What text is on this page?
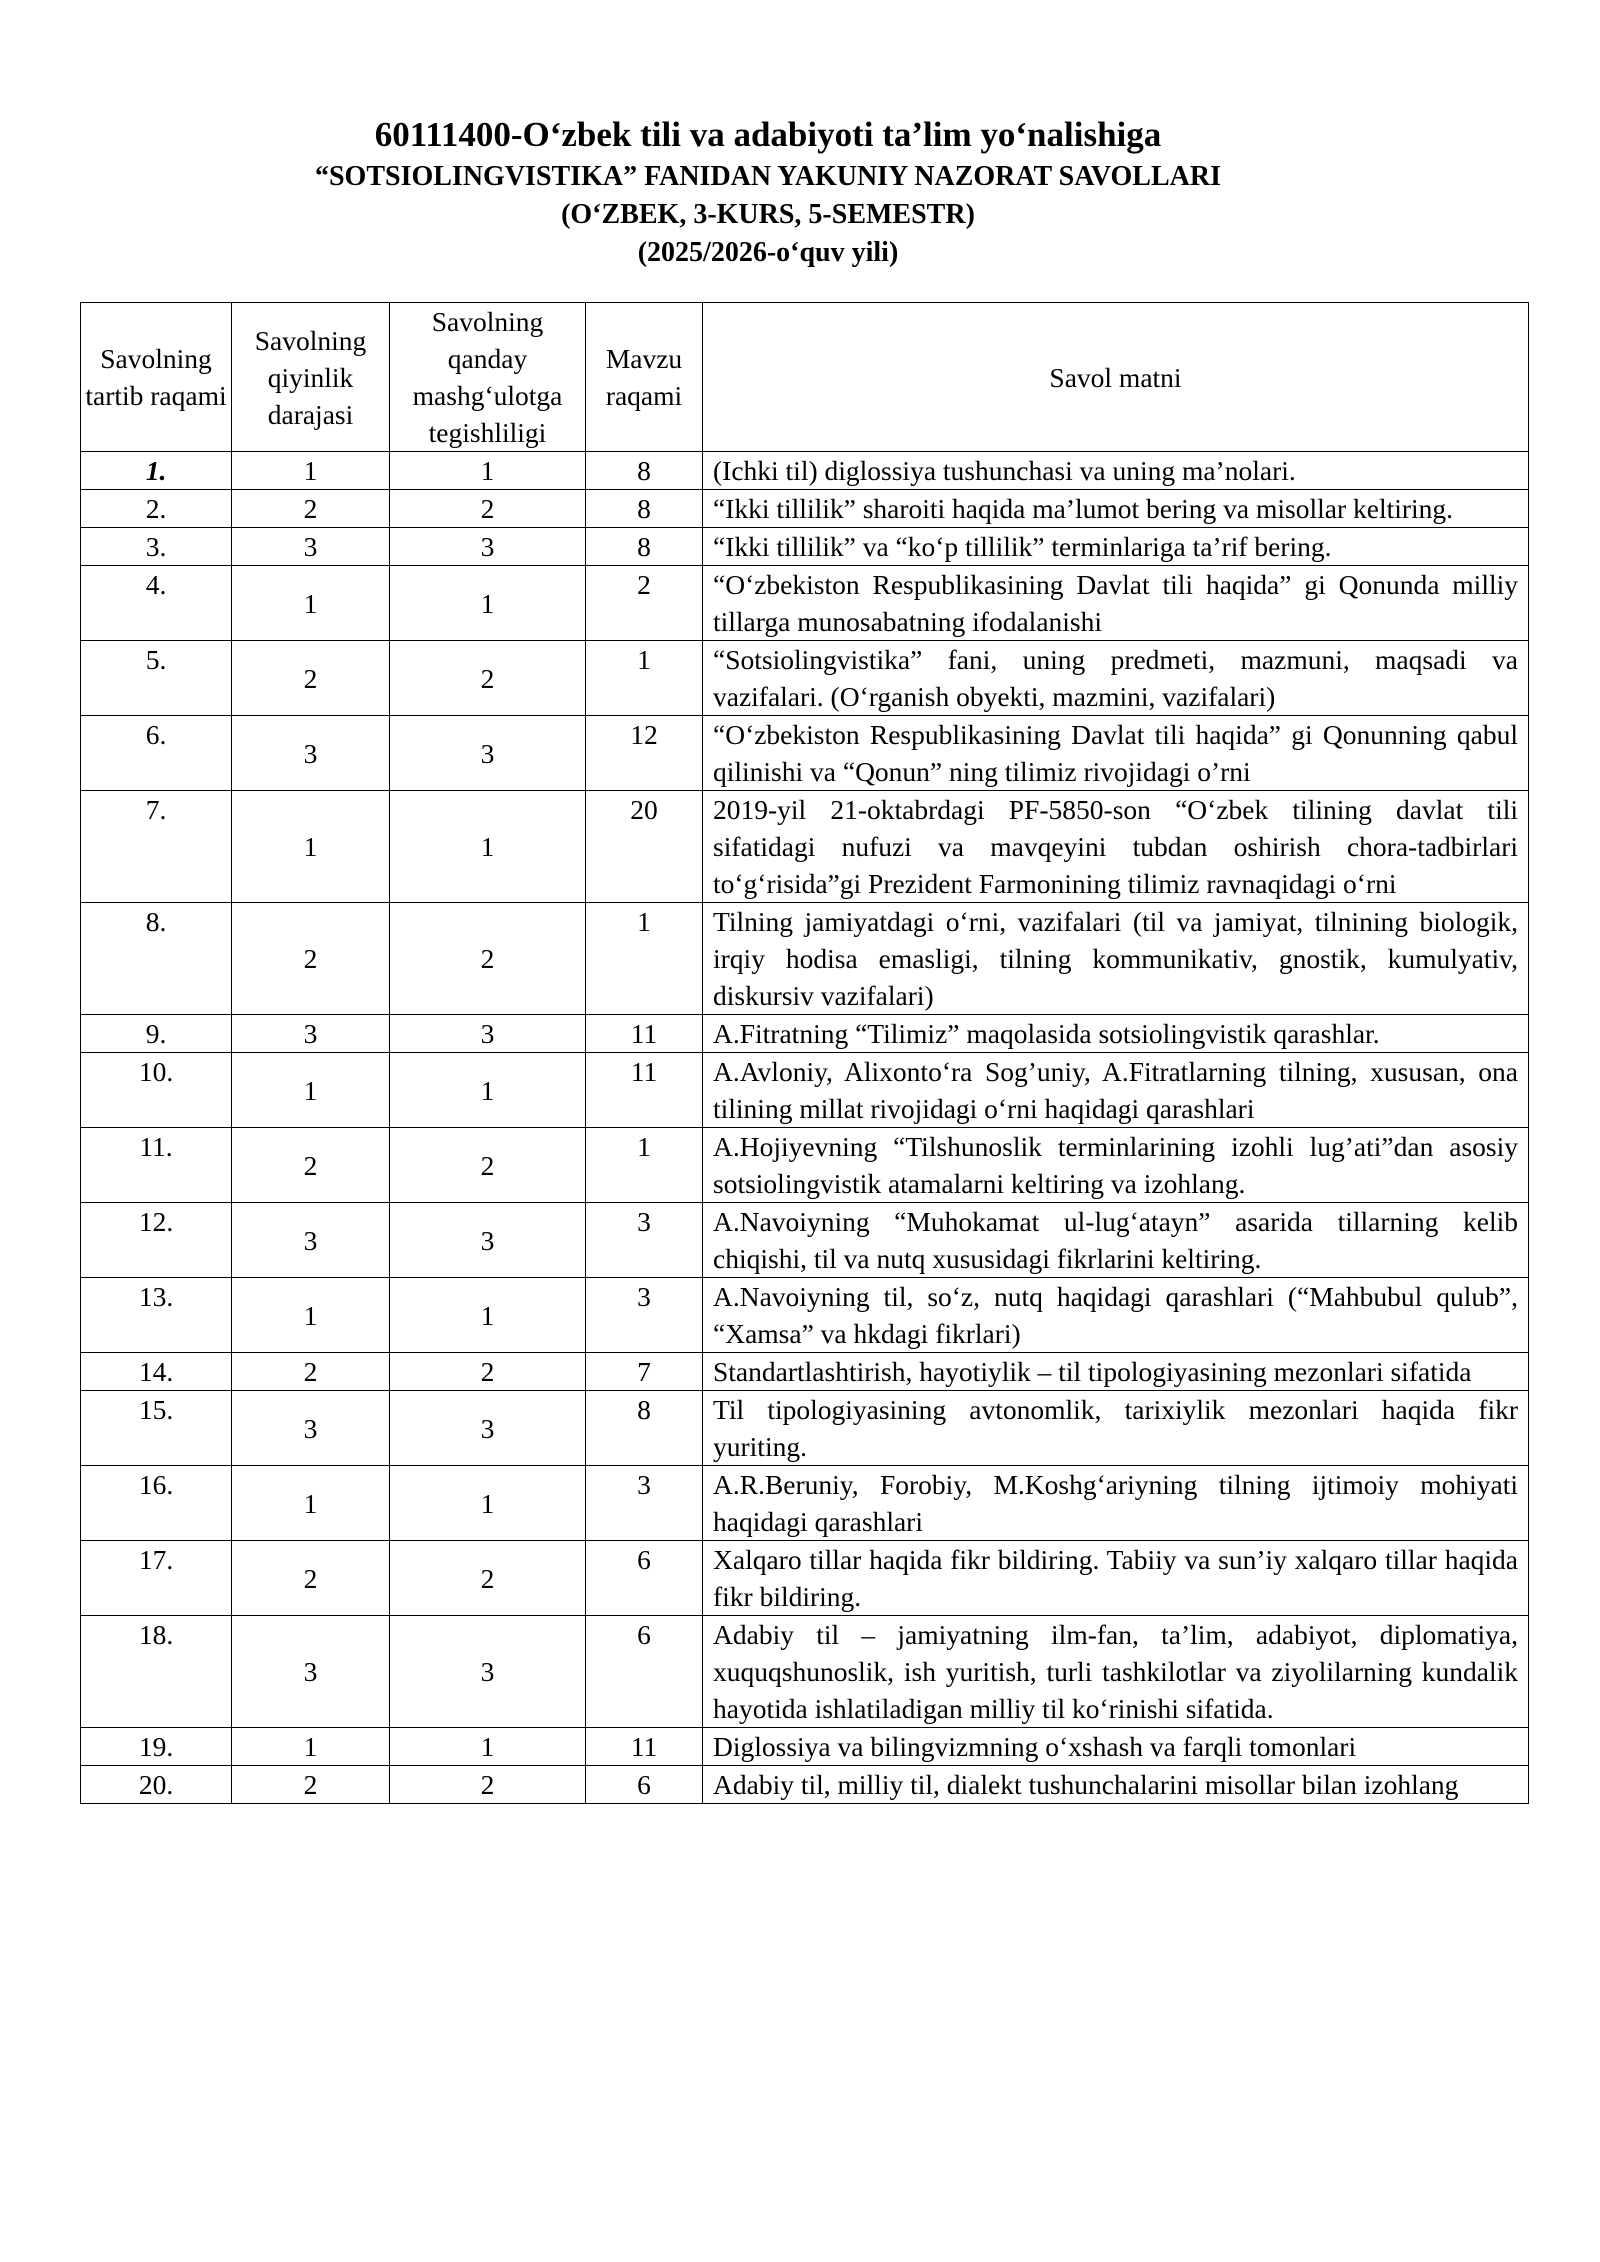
60111400-O‘zbek tili va adabiyoti ta’lim yo‘nalishiga
“SOTSIOLINGVISTIKA” FANIDAN YAKUNIY NAZORAT SAVOLLARI
(O‘ZBEK, 3-KURS, 5-SEMESTR)
(2025/2026-o‘quv yili)
Savolning tartib raqami	Savolning qiyinlik darajasi	Savolning qanday mashg‘ulotga tegishliligi	Mavzu raqami	Savol matni
1.	1	1	8	(Ichki til) diglossiya tushunchasi va uning ma’nolari.
2.	2	2	8	“Ikki tillilik” sharoiti haqida ma’lumot bering va misollar keltiring.
3.	3	3	8	“Ikki tillilik” va “ko‘p tillilik” terminlariga ta’rif bering.
4.	1	1	2	“O‘zbekiston Respublikasining Davlat tili haqida” gi Qonunda milliy tillarga munosabatning ifodalanishi
5.	2	2	1	“Sotsiolingvistika” fani, uning predmeti, mazmuni, maqsadi va vazifalari. (O‘rganish obyekti, mazmini, vazifalari)
6.	3	3	12	“O‘zbekiston Respublikasining Davlat tili haqida” gi Qonunning qabul qilinishi va “Qonun” ning tilimiz rivojidagi o’rni
7.	1	1	20	2019-yil 21-oktabrdagi PF-5850-son “O‘zbek tilining davlat tili sifatidagi nufuzi va mavqeyini tubdan oshirish chora-tadbirlari to‘g‘risida”gi Prezident Farmonining tilimiz ravnaqidagi o‘rni
8.	2	2	1	Tilning jamiyatdagi o‘rni, vazifalari (til va jamiyat, tilnining biologik, irqiy hodisa emasligi, tilning kommunikativ, gnostik, kumulyativ, diskursiv vazifalari)
9.	3	3	11	A.Fitratning “Tilimiz” maqolasida sotsiolingvistik qarashlar.
10.	1	1	11	A.Avloniy, Alixonto‘ra Sog’uniy, A.Fitratlarning tilning, xususan, ona tilining millat rivojidagi o‘rni haqidagi qarashlari
11.	2	2	1	A.Hojiyevning “Tilshunoslik terminlarining izohli lug’ati”dan asosiy sotsiolingvistik atamalarni keltiring va izohlang.
12.	3	3	3	A.Navoiyning “Muhokamat ul-lug‘atayn” asarida tillarning kelib chiqishi, til va nutq xususidagi fikrlarini keltiring.
13.	1	1	3	A.Navoiyning til, so‘z, nutq haqidagi qarashlari (“Mahbubul qulub”, “Xamsa” va hkdagi fikrlari)
14.	2	2	7	Standartlashtirish, hayotiylik – til tipologiyasining mezonlari sifatida
15.	3	3	8	Til tipologiyasining avtonomlik, tarixiylik mezonlari haqida fikr yuriting.
16.	1	1	3	A.R.Beruniy, Forobiy, M.Koshg‘ariyning tilning ijtimoiy mohiyati haqidagi qarashlari
17.	2	2	6	Xalqaro tillar haqida fikr bildiring. Tabiiy va sun’iy xalqaro tillar haqida fikr bildiring.
18.	3	3	6	Adabiy til – jamiyatning ilm-fan, ta’lim, adabiyot, diplomatiya, xuquqshunoslik, ish yuritish, turli tashkilotlar va ziyolilarning kundalik hayotida ishlatiladigan milliy til ko‘rinishi sifatida.
19.	1	1	11	Diglossiya va bilingvizmning o‘xshash va farqli tomonlari
20.	2	2	6	Adabiy til, milliy til, dialekt tushunchalarini misollar bilan izohlang
